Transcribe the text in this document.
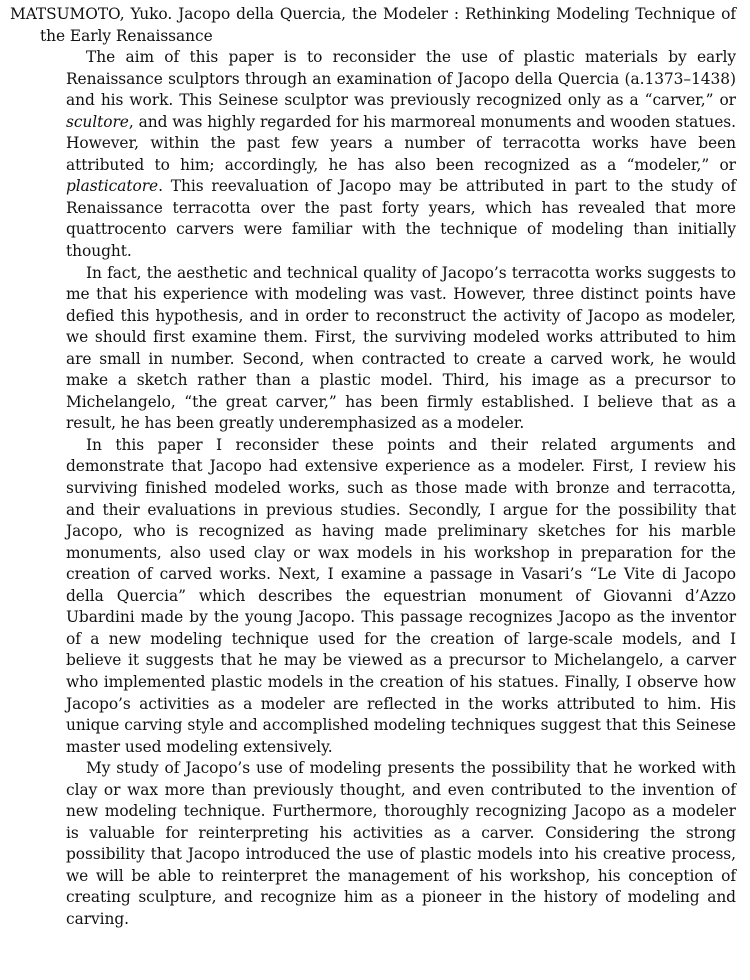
MATSUMOTO, Yuko. Jacopo della Quercia, the Modeler : Rethinking Modeling Technique of the Early Renaissance

The aim of this paper is to reconsider the use of plastic materials by early Renaissance sculptors through an examination of Jacopo della Quercia (a.1373–1438) and his work. This Seinese sculptor was previously recognized only as a “carver,” or scultore, and was highly regarded for his marmoreal monuments and wooden statues. However, within the past few years a number of terracotta works have been attributed to him; accordingly, he has also been recognized as a “modeler,” or plasticatore. This reevaluation of Jacopo may be attributed in part to the study of Renaissance terracotta over the past forty years, which has revealed that more quattrocento carvers were familiar with the technique of modeling than initially thought.

In fact, the aesthetic and technical quality of Jacopo’s terracotta works suggests to me that his experience with modeling was vast. However, three distinct points have defied this hypothesis, and in order to reconstruct the activity of Jacopo as modeler, we should first examine them. First, the surviving modeled works attributed to him are small in number. Second, when contracted to create a carved work, he would make a sketch rather than a plastic model. Third, his image as a precursor to Michelangelo, “the great carver,” has been firmly established. I believe that as a result, he has been greatly underemphasized as a modeler.

In this paper I reconsider these points and their related arguments and demonstrate that Jacopo had extensive experience as a modeler. First, I review his surviving finished modeled works, such as those made with bronze and terracotta, and their evaluations in previous studies. Secondly, I argue for the possibility that Jacopo, who is recognized as having made preliminary sketches for his marble monuments, also used clay or wax models in his workshop in preparation for the creation of carved works. Next, I examine a passage in Vasari’s “Le Vite di Jacopo della Quercia” which describes the equestrian monument of Giovanni d’Azzo Ubardini made by the young Jacopo. This passage recognizes Jacopo as the inventor of a new modeling technique used for the creation of large-scale models, and I believe it suggests that he may be viewed as a precursor to Michelangelo, a carver who implemented plastic models in the creation of his statues. Finally, I observe how Jacopo’s activities as a modeler are reflected in the works attributed to him. His unique carving style and accomplished modeling techniques suggest that this Seinese master used modeling extensively.

My study of Jacopo’s use of modeling presents the possibility that he worked with clay or wax more than previously thought, and even contributed to the invention of new modeling technique. Furthermore, thoroughly recognizing Jacopo as a modeler is valuable for reinterpreting his activities as a carver. Considering the strong possibility that Jacopo introduced the use of plastic models into his creative process, we will be able to reinterpret the management of his workshop, his conception of creating sculpture, and recognize him as a pioneer in the history of modeling and carving.
